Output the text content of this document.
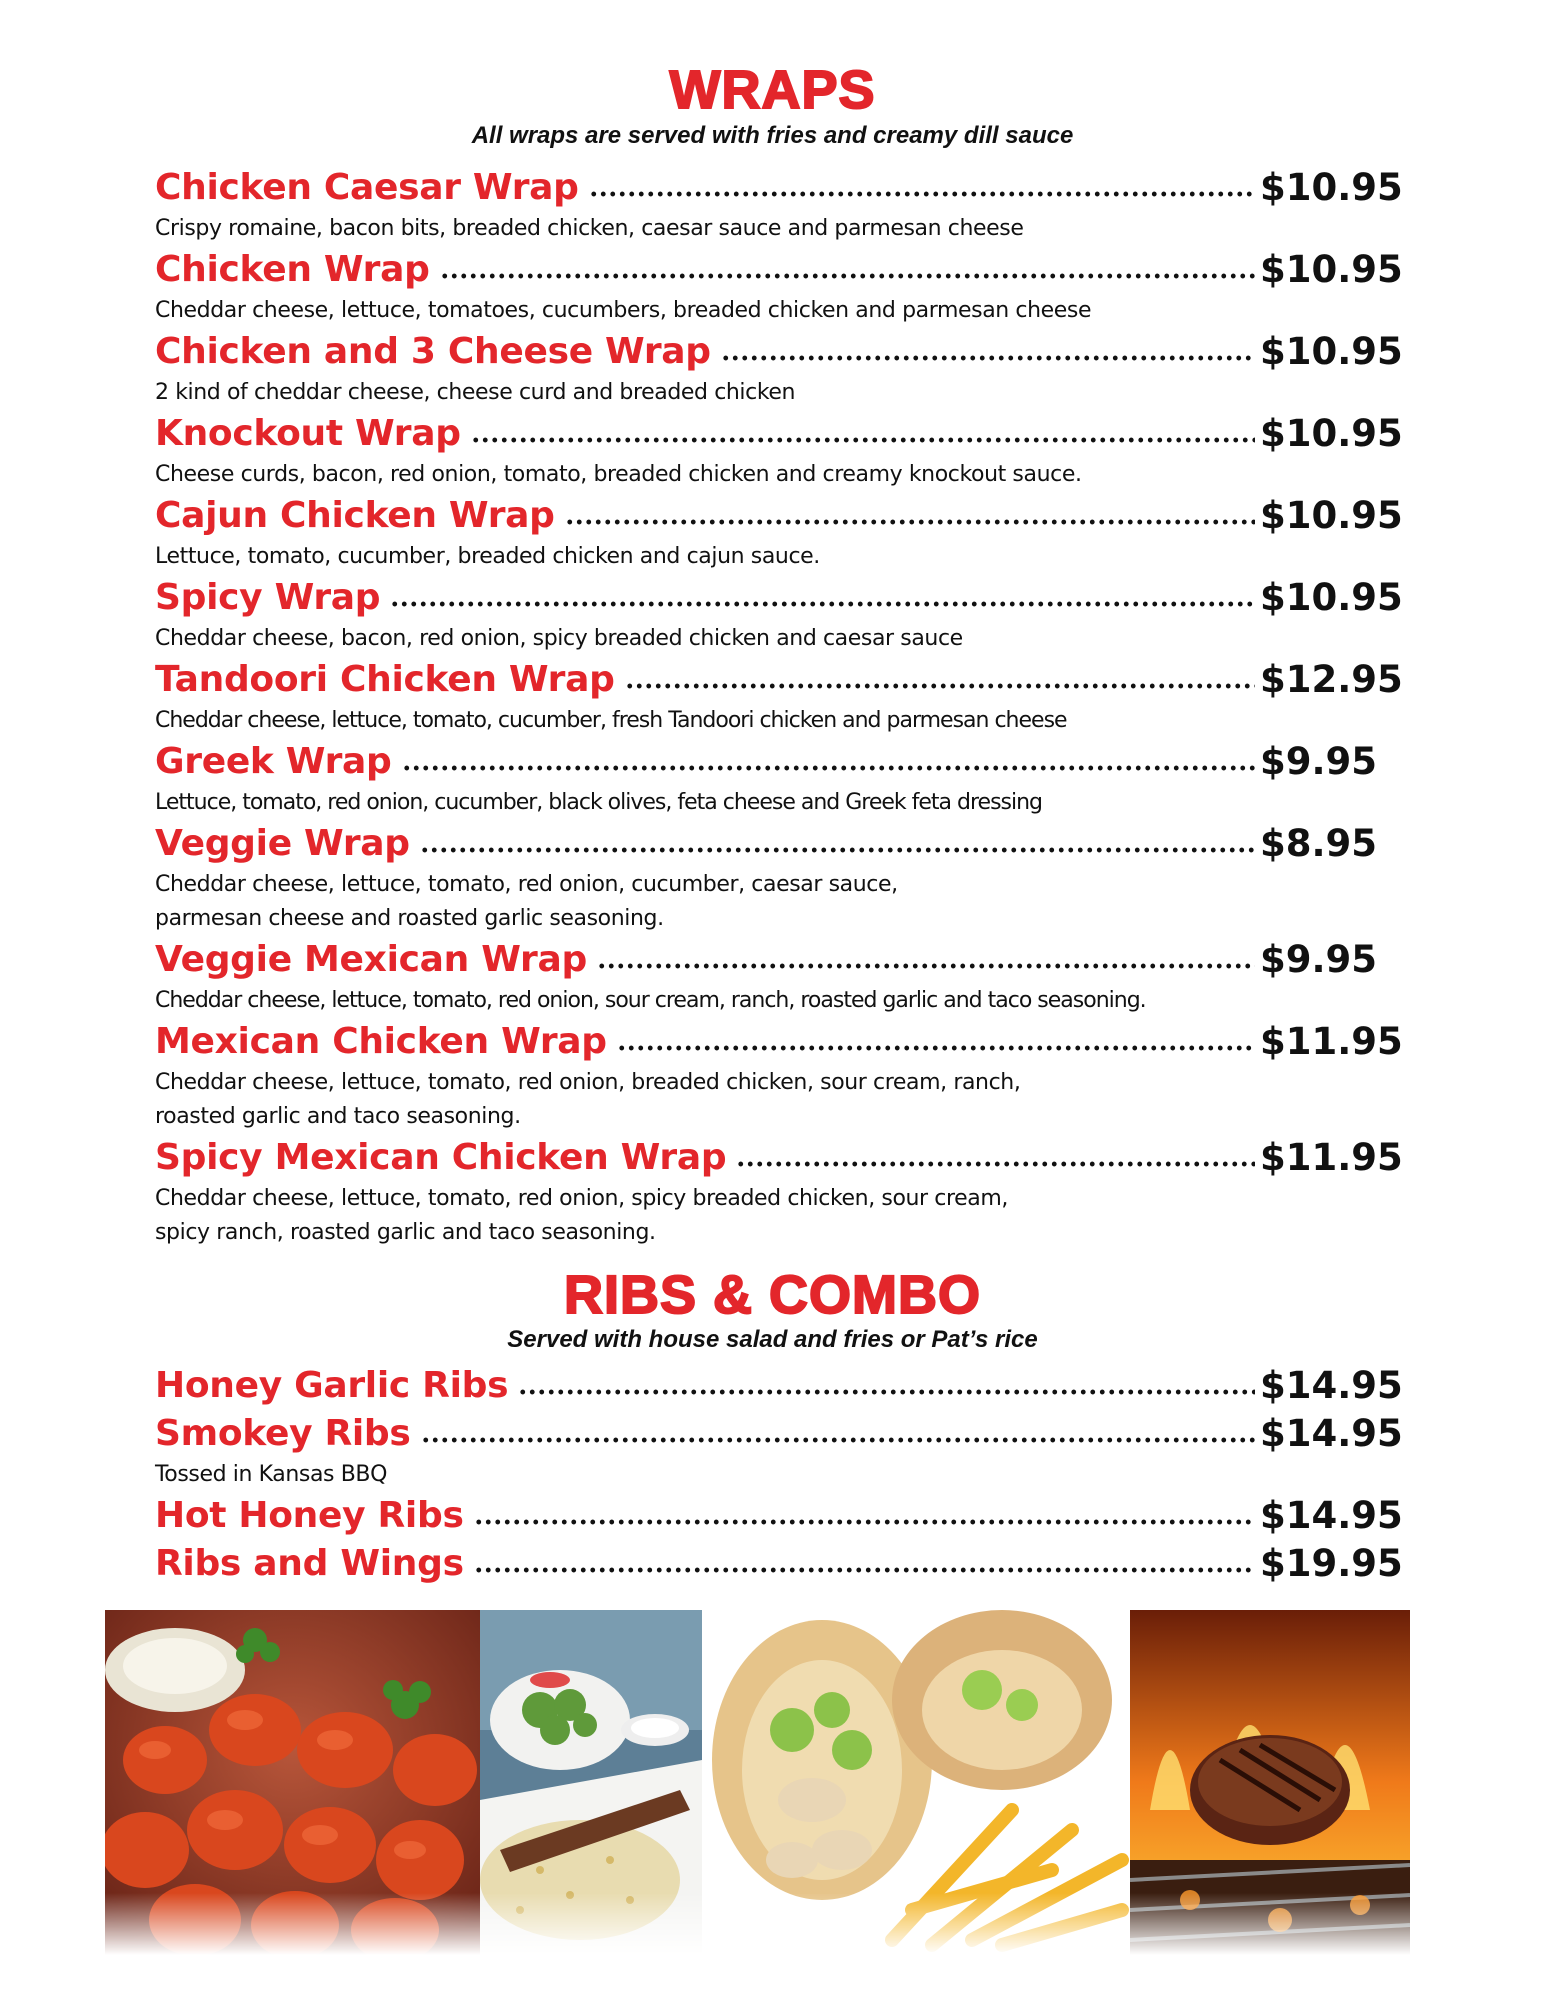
WRAPS

All wraps are served with fries and creamy dill sauce

Chicken Caesar Wrap	$10.95
Crispy romaine, bacon bits, breaded chicken, caesar sauce and parmesan cheese
Chicken Wrap	$10.95
Cheddar cheese, lettuce, tomatoes, cucumbers, breaded chicken and parmesan cheese
Chicken and 3 Cheese Wrap	$10.95
2 kind of cheddar cheese, cheese curd and breaded chicken
Knockout Wrap	$10.95
Cheese curds, bacon, red onion, tomato, breaded chicken and creamy knockout sauce.
Cajun Chicken Wrap	$10.95
Lettuce, tomato, cucumber, breaded chicken and cajun sauce.
Spicy Wrap	$10.95
Cheddar cheese, bacon, red onion, spicy breaded chicken and caesar sauce
Tandoori Chicken Wrap	$12.95
Cheddar cheese, lettuce, tomato, cucumber, fresh Tandoori chicken and parmesan cheese
Greek Wrap	$9.95
Lettuce, tomato, red onion, cucumber, black olives, feta cheese and Greek feta dressing
Veggie Wrap	$8.95
Cheddar cheese, lettuce, tomato, red onion, cucumber, caesar sauce,
parmesan cheese and roasted garlic seasoning.
Veggie Mexican Wrap	$9.95
Cheddar cheese, lettuce, tomato, red onion, sour cream, ranch, roasted garlic and taco seasoning.
Mexican Chicken Wrap	$11.95
Cheddar cheese, lettuce, tomato, red onion, breaded chicken, sour cream, ranch,
roasted garlic and taco seasoning.
Spicy Mexican Chicken Wrap	$11.95
Cheddar cheese, lettuce, tomato, red onion, spicy breaded chicken, sour cream,
spicy ranch, roasted garlic and taco seasoning.
RIBS & COMBO

Served with house salad and fries or Pat’s rice

Honey Garlic Ribs	$14.95
Smokey Ribs	$14.95
Tossed in Kansas BBQ
Hot Honey Ribs	$14.95
Ribs and Wings	$19.95
